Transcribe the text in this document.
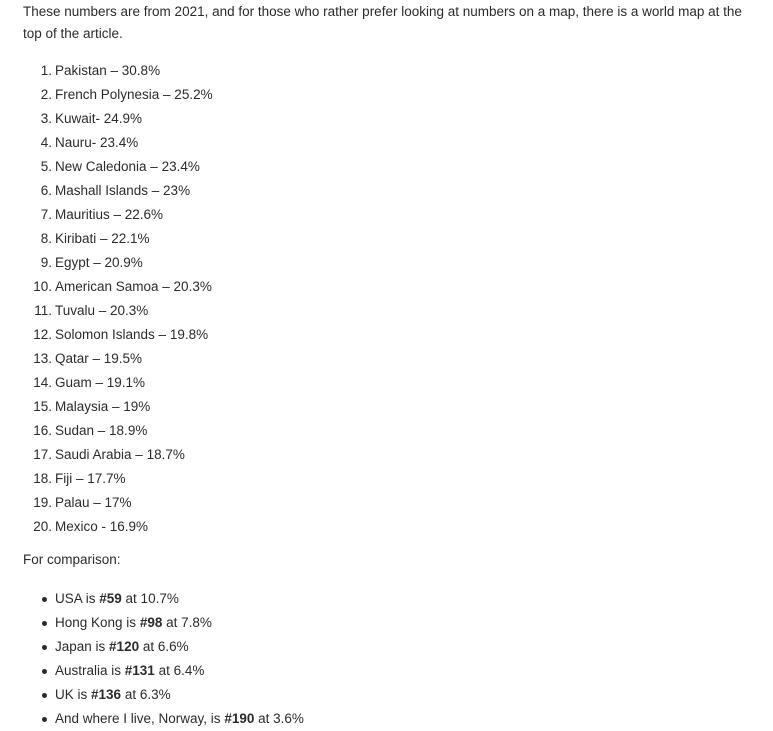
These numbers are from 2021, and for those who rather prefer looking at numbers on a map, there is a world map at the top of the article.

1. Pakistan – 30.8%
2. French Polynesia – 25.2%
3. Kuwait- 24.9%
4. Nauru- 23.4%
5. New Caledonia – 23.4%
6. Mashall Islands – 23%
7. Mauritius – 22.6%
8. Kiribati – 22.1%
9. Egypt – 20.9%
10. American Samoa – 20.3%
11. Tuvalu – 20.3%
12. Solomon Islands – 19.8%
13. Qatar – 19.5%
14. Guam – 19.1%
15. Malaysia – 19%
16. Sudan – 18.9%
17. Saudi Arabia – 18.7%
18. Fiji – 17.7%
19. Palau – 17%
20. Mexico - 16.9%

For comparison:

USA is #59 at 10.7%
Hong Kong is #98 at 7.8%
Japan is #120 at 6.6%
Australia is #131 at 6.4%
UK is #136 at 6.3%
And where I live, Norway, is #190 at 3.6%
